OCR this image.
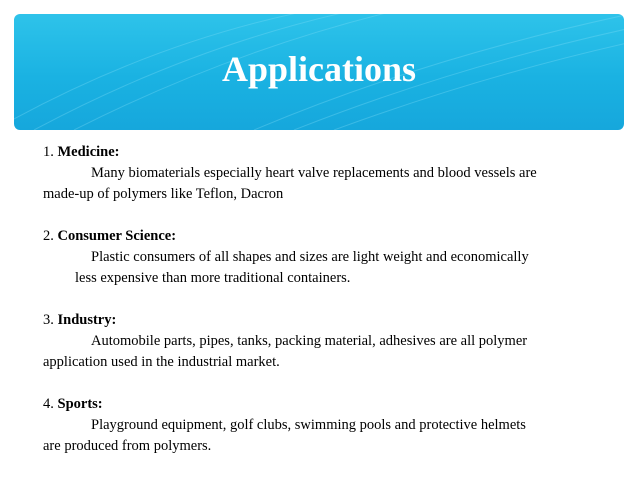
Applications
1. Medicine:
Many biomaterials especially heart valve replacements and blood vessels are
made-up of polymers like Teflon, Dacron
2. Consumer Science:
Plastic consumers of all shapes and sizes are light weight and economically
less expensive than more traditional containers.
3. Industry:
Automobile parts, pipes, tanks, packing material, adhesives are all polymer
application used in the industrial market.
4. Sports:
Playground equipment, golf clubs, swimming pools and protective helmets
are produced from polymers.
